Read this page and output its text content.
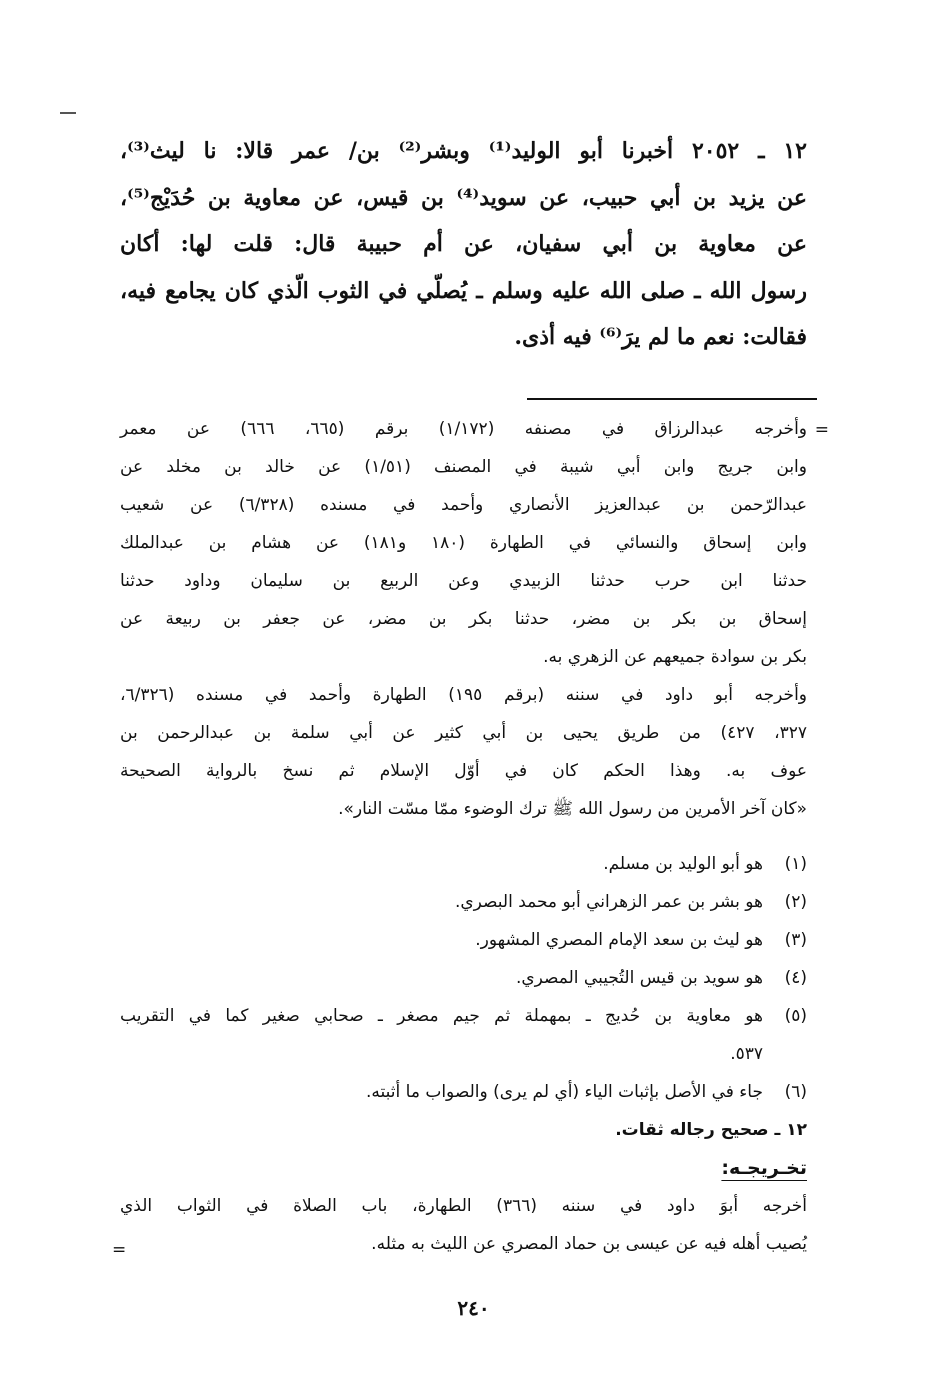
١٢ ـ ٢٠٥٢ أخبرنا أبو الوليد⁽¹⁾ وبشر⁽²⁾ بن/ عمر قالا: نا ليث⁽³⁾،
عن يزيد بن أبي حبيب، عن سويد⁽⁴⁾ بن قيس، عن معاوية بن حُدَيْج⁽⁵⁾،
عن معاوية بن أبي سفيان، عن أم حبيبة قال: قلت لها: أكان
رسول الله ـ صلى الله عليه وسلم ـ يُصلّي في الثوب الّذي كان يجامع فيه،
فقالت: نعم ما لم يرَ⁽⁶⁾ فيه أذى.
=
وأخرجه عبدالرزاق في مصنفه (١/١٧٢) برقم (٦٦٥، ٦٦٦) عن معمر
وابن جريج وابن أبي شيبة في المصنف (١/٥١) عن خالد بن مخلد عن
عبدالرّحمن بن عبدالعزيز الأنصاري وأحمد في مسنده (٦/٣٢٨) عن شعيب
وابن إسحاق والنسائي في الطهارة (١٨٠ و١٨١) عن هشام بن عبدالملك
حدثنا ابن حرب حدثنا الزبيدي وعن الربيع بن سليمان وداود حدثنا
إسحاق بن بكر بن مضر، حدثنا بكر بن مضر، عن جعفر بن ربيعة عن
بكر بن سوادة جميعهم عن الزهري به.
وأخرجه أبو داود في سننه (برقم ١٩٥) الطهارة وأحمد في مسنده (٦/٣٢٦،
٣٢٧، ٤٢٧) من طريق يحيى بن أبي كثير عن أبي سلمة بن عبدالرحمن بن
عوف به. وهذا الحكم كان في أوّل الإسلام ثم نسخ بالرواية الصحيحة
«كان آخر الأمرين من رسول الله ﷺ ترك الوضوء ممّا مسّت النار».
(١)
هو أبو الوليد بن مسلم.
(٢)
هو بشر بن عمر الزهراني أبو محمد البصري.
(٣)
هو ليث بن سعد الإمام المصري المشهور.
(٤)
هو سويد بن قيس التُجيبي المصري.
(٥)
هو معاوية بن حُديج ـ بمهملة ثم جيم مصغر ـ صحابي صغير كما في التقريب
٥٣٧.
(٦)
جاء في الأصل بإثبات الياء (أي لم يرى) والصواب ما أثبته.
١٢ ـ صحيح رجاله ثقات.
تخـريجـه:
أخرجه أبوَ داود في سننه (٣٦٦) الطهارة، باب الصلاة في الثواب الذي
يُصيب أهله فيه عن عيسى بن حماد المصري عن الليث به مثله.
=
٢٤٠
